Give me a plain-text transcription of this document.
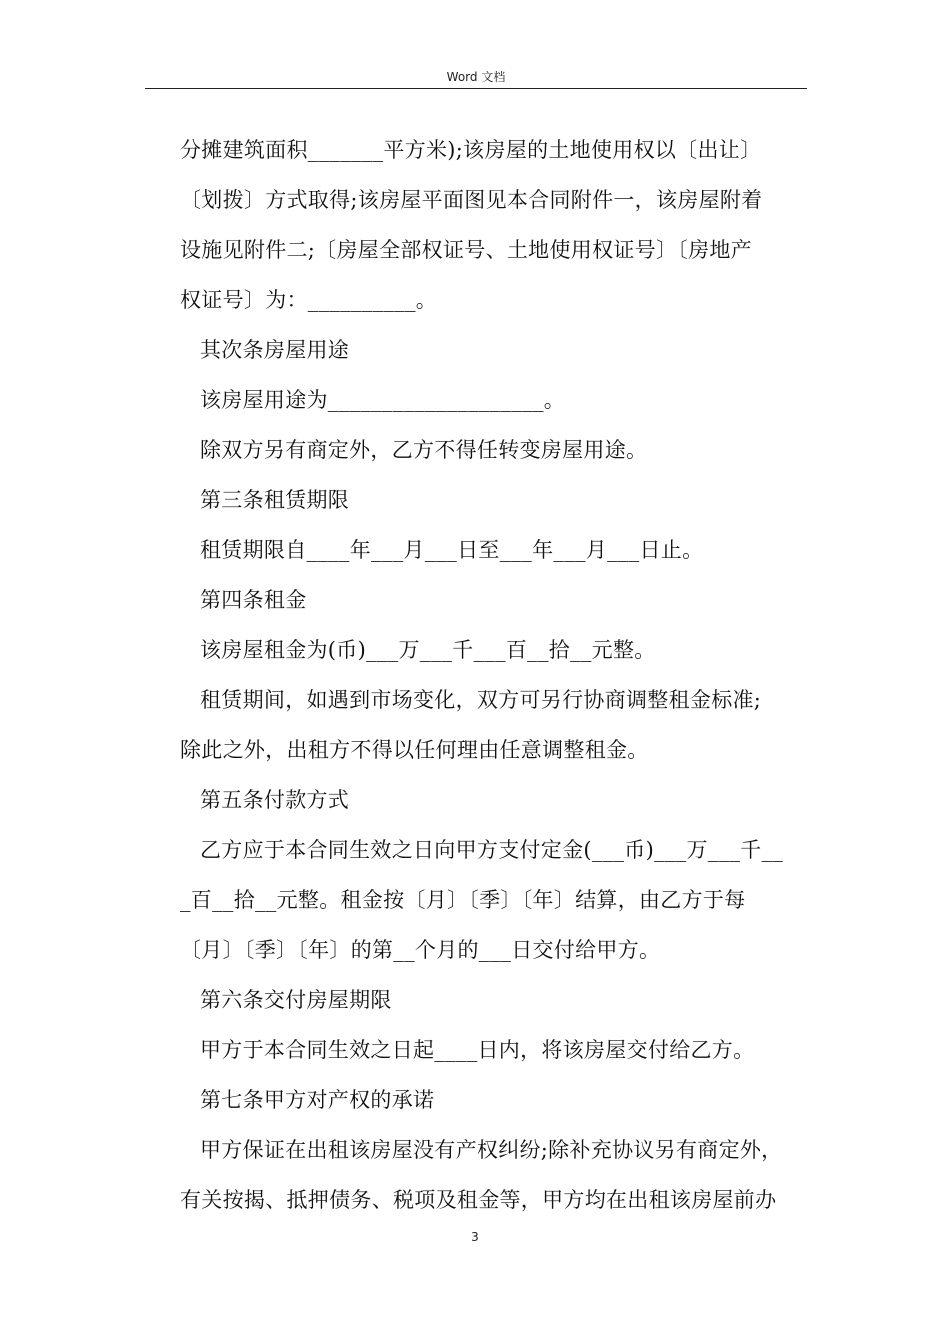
Word 文档
分摊建筑面积_______平方米);该房屋的土地使用权以〔出让〕
〔划拨〕方式取得;该房屋平面图见本合同附件一，该房屋附着
设施见附件二;〔房屋全部权证号、土地使用权证号〕〔房地产
权证号〕为：__________。
其次条房屋用途
该房屋用途为____________________。
除双方另有商定外，乙方不得任转变房屋用途。
第三条租赁期限
租赁期限自____年___月___日至___年___月___日止。
第四条租金
该房屋租金为(币)___万___千___百__拾__元整。
租赁期间，如遇到市场变化，双方可另行协商调整租金标准;
除此之外，出租方不得以任何理由任意调整租金。
第五条付款方式
乙方应于本合同生效之日向甲方支付定金(___币)___万___千__
_百__拾__元整。租金按〔月〕〔季〕〔年〕结算，由乙方于每
〔月〕〔季〕〔年〕的第__个月的___日交付给甲方。
第六条交付房屋期限
甲方于本合同生效之日起____日内，将该房屋交付给乙方。
第七条甲方对产权的承诺
甲方保证在出租该房屋没有产权纠纷;除补充协议另有商定外，
有关按揭、抵押债务、税项及租金等，甲方均在出租该房屋前办
3
